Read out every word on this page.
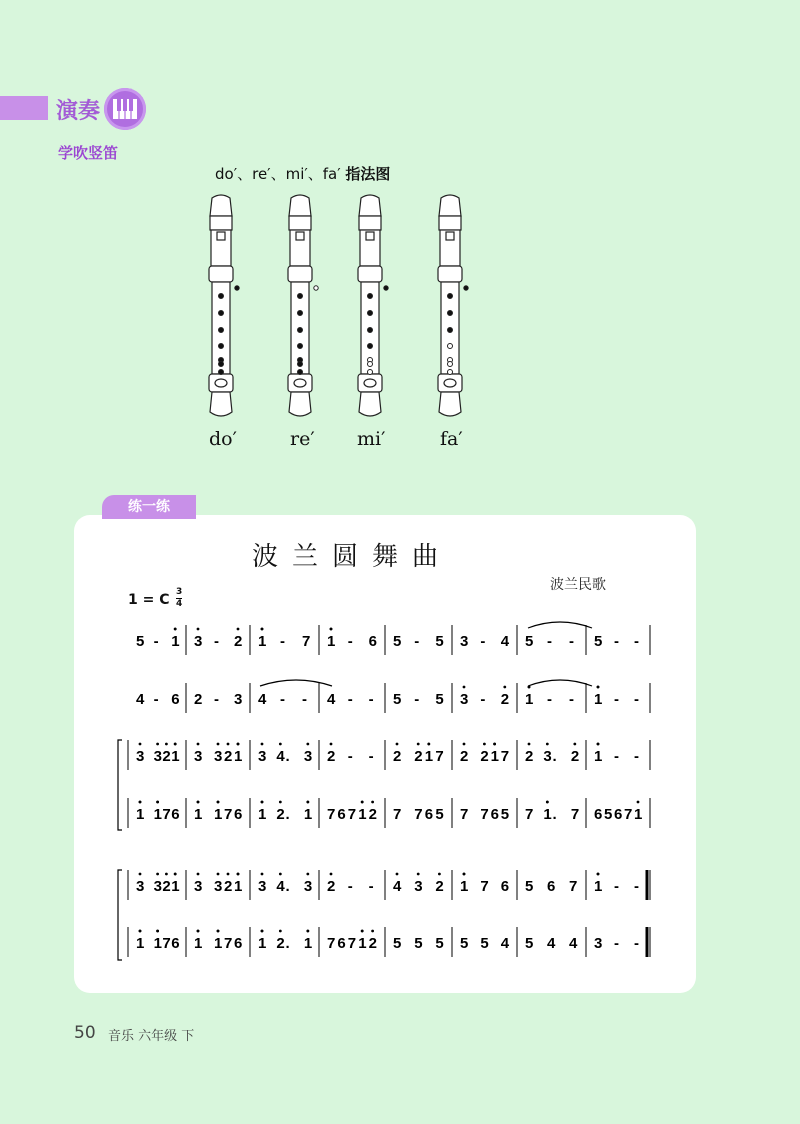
演奏
学吹竖笛
do′、re′、mi′、fa′ 指法图
do′	re′ mi′	fa′
练一练
波兰圆舞曲
波兰民歌
1 = C 3
4
5 - 1 3 - 2 1 - 7 1 - 6 5 - 5 3 - 4 5 - - 5 - -
4 - 6 2 - 3 4 - - 4 - - 5 - 5 3 - 2 1 - - 1 - -
3 3 2 1 3 3 2 1 3 4 . 3 2 - - 2 2 1 7 2 2 1 7 2 3 . 2 1 - -
1 1 7 6 1 1 7 6 1 2 . 1 7 6 7 1 2 7 7 6 5 7 7 6 5 7 1 . 7 6 5 6 7 1
3 3 2 1 3 3 2 1 3 4 . 3 2 - - 4 3 2 1 7 6 5 6 7 1 - -
1 1 7 6 1 1 7 6 1 2 . 1 7 6 7 1 2 5 5 5 5 5 4 5 4 4 3 - -
50 音乐 六年级 下
